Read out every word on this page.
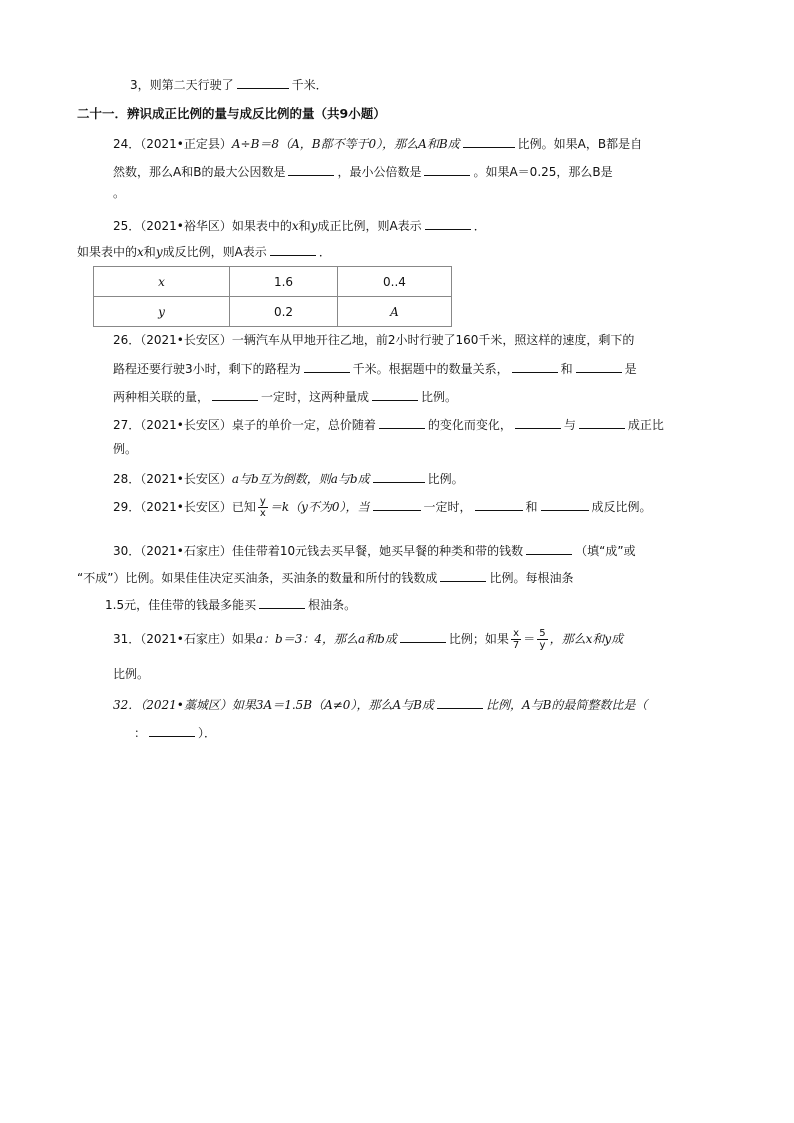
3，则第二天行驶了	千米．
二十一．辨识成正比例的量与成反比例的量（共9小题）
24．（2021•正定县）A÷B＝8（A，B都不等于0），那么A和B成	比例。如果A，B都是自
然数，那么A和B的最大公因数是	，最小公倍数是	。如果A＝0.25，那么B是
。
25．（2021•裕华区）如果表中的x和y成正比例，则A表示	．
如果表中的x和y成反比例，则A表示	．
x	1.6	0..4
y	0.2	A
26．（2021•长安区）一辆汽车从甲地开往乙地，前2小时行驶了160千米，照这样的速度，剩下的
路程还要行驶3小时，剩下的路程为	千米。根据题中的数量关系，	和	是
两种相关联的量，	一定时，这两种量成	比例。
27．（2021•长安区）桌子的单价一定，总价随着	的变化而变化，	与	成正比
例。
28．（2021•长安区）a与b互为倒数，则a与b成	比例。
29．（2021•长安区）已知 $\frac{y}{x} =k(y$不为0），当	一定时，	和	成反比例。
30．（2021•石家庄）佳佳带着10元钱去买早餐，她买早餐的种类和带的钱数	（填“成”或
“不成”）比例。如果佳佳决定买油条，买油条的数量和所付的钱数成	比例。每根油条
1.5元，佳佳带的钱最多能买	根油条。
31．（2021•石家庄）如果a：b＝3：4，那么a和b成	比例；如果 $\frac{x}{7} = \frac{5}{y}$ ，那么x和y成
比例。
32．（2021•藁城区）如果3A＝1.5B（A≠0），那么A与B成	比例，A与B的最简整数比是（
：	）．
